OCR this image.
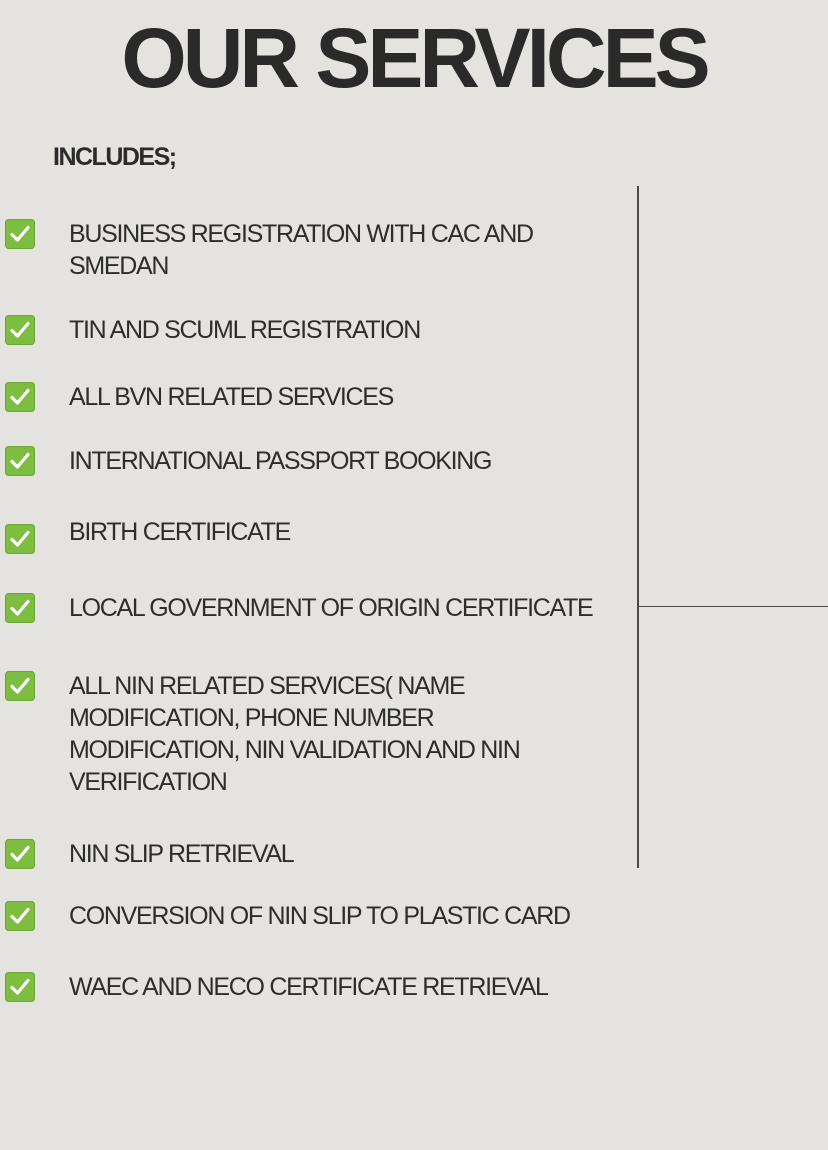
OUR SERVICES
INCLUDES;
BUSINESS REGISTRATION WITH CAC AND
SMEDAN
TIN AND SCUML REGISTRATION
ALL BVN RELATED SERVICES
INTERNATIONAL PASSPORT BOOKING
BIRTH CERTIFICATE
LOCAL GOVERNMENT OF ORIGIN CERTIFICATE
ALL NIN RELATED SERVICES( NAME
MODIFICATION, PHONE NUMBER
MODIFICATION, NIN VALIDATION AND NIN
VERIFICATION
NIN SLIP RETRIEVAL
CONVERSION OF NIN SLIP TO PLASTIC CARD
WAEC AND NECO CERTIFICATE RETRIEVAL
